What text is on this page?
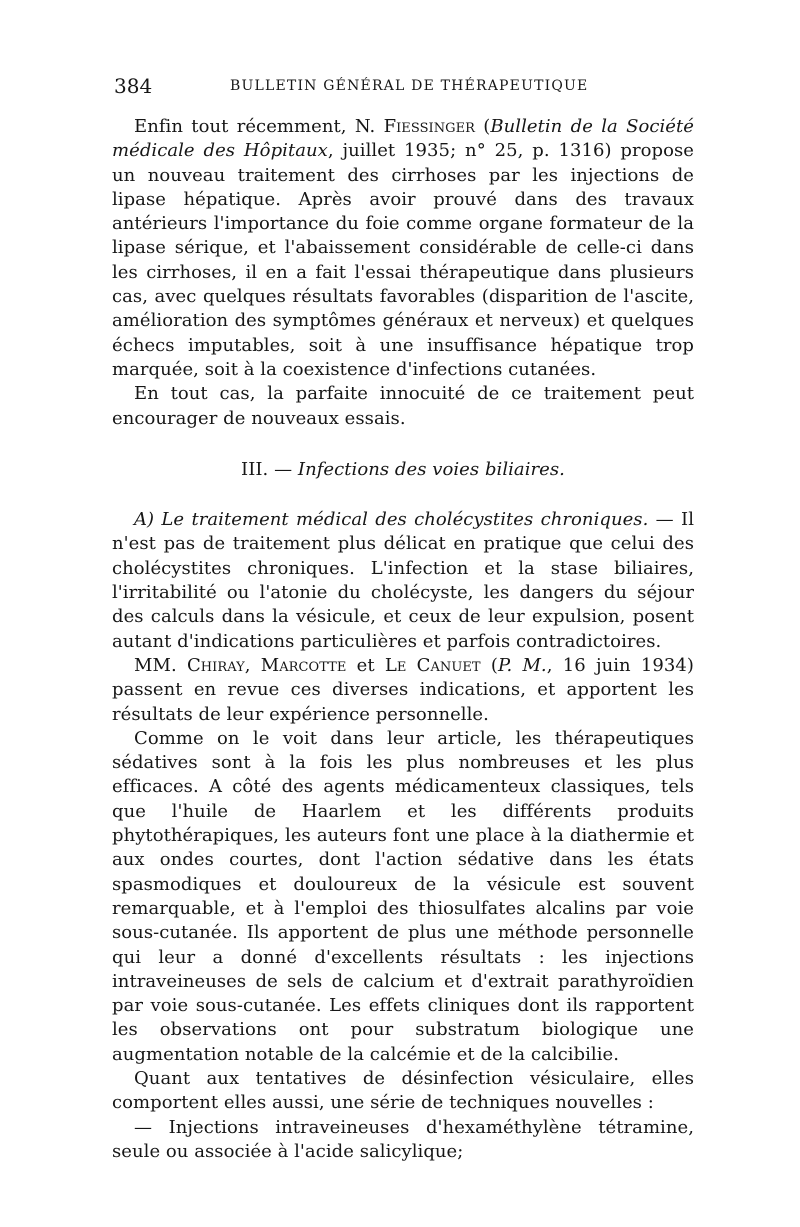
384	BULLETIN GÉNÉRAL DE THÉRAPEUTIQUE

Enfin tout récemment, N. Fiessinger (Bulletin de la Société médicale des Hôpitaux, juillet 1935; n° 25, p. 1316) propose un nouveau traitement des cirrhoses par les injections de lipase hépatique. Après avoir prouvé dans des travaux antérieurs l'importance du foie comme organe formateur de la lipase sérique, et l'abaissement considérable de celle-ci dans les cirrhoses, il en a fait l'essai thérapeutique dans plusieurs cas, avec quelques résultats favorables (disparition de l'ascite, amélioration des symptômes généraux et nerveux) et quelques échecs imputables, soit à une insuffisance hépatique trop marquée, soit à la coexistence d'infections cutanées.

En tout cas, la parfaite innocuité de ce traitement peut encourager de nouveaux essais.

III. — Infections des voies biliaires.

A) Le traitement médical des cholécystites chroniques. — Il n'est pas de traitement plus délicat en pratique que celui des cholécystites chroniques. L'infection et la stase biliaires, l'irritabilité ou l'atonie du cholécyste, les dangers du séjour des calculs dans la vésicule, et ceux de leur expulsion, posent autant d'indications particulières et parfois contradictoires.

MM. Chiray, Marcotte et Le Canuet (P. M., 16 juin 1934) passent en revue ces diverses indications, et apportent les résultats de leur expérience personnelle.

Comme on le voit dans leur article, les thérapeutiques sédatives sont à la fois les plus nombreuses et les plus efficaces. A côté des agents médicamenteux classiques, tels que l'huile de Haarlem et les différents produits phytothérapiques, les auteurs font une place à la diathermie et aux ondes courtes, dont l'action sédative dans les états spasmodiques et douloureux de la vésicule est souvent remarquable, et à l'emploi des thiosulfates alcalins par voie sous-cutanée. Ils apportent de plus une méthode personnelle qui leur a donné d'excellents résultats : les injections intraveineuses de sels de calcium et d'extrait parathyroïdien par voie sous-cutanée. Les effets cliniques dont ils rapportent les observations ont pour substratum biologique une augmentation notable de la calcémie et de la calcibilie.

Quant aux tentatives de désinfection vésiculaire, elles comportent elles aussi, une série de techniques nouvelles :

— Injections intraveineuses d'hexaméthylène tétramine, seule ou associée à l'acide salicylique;
